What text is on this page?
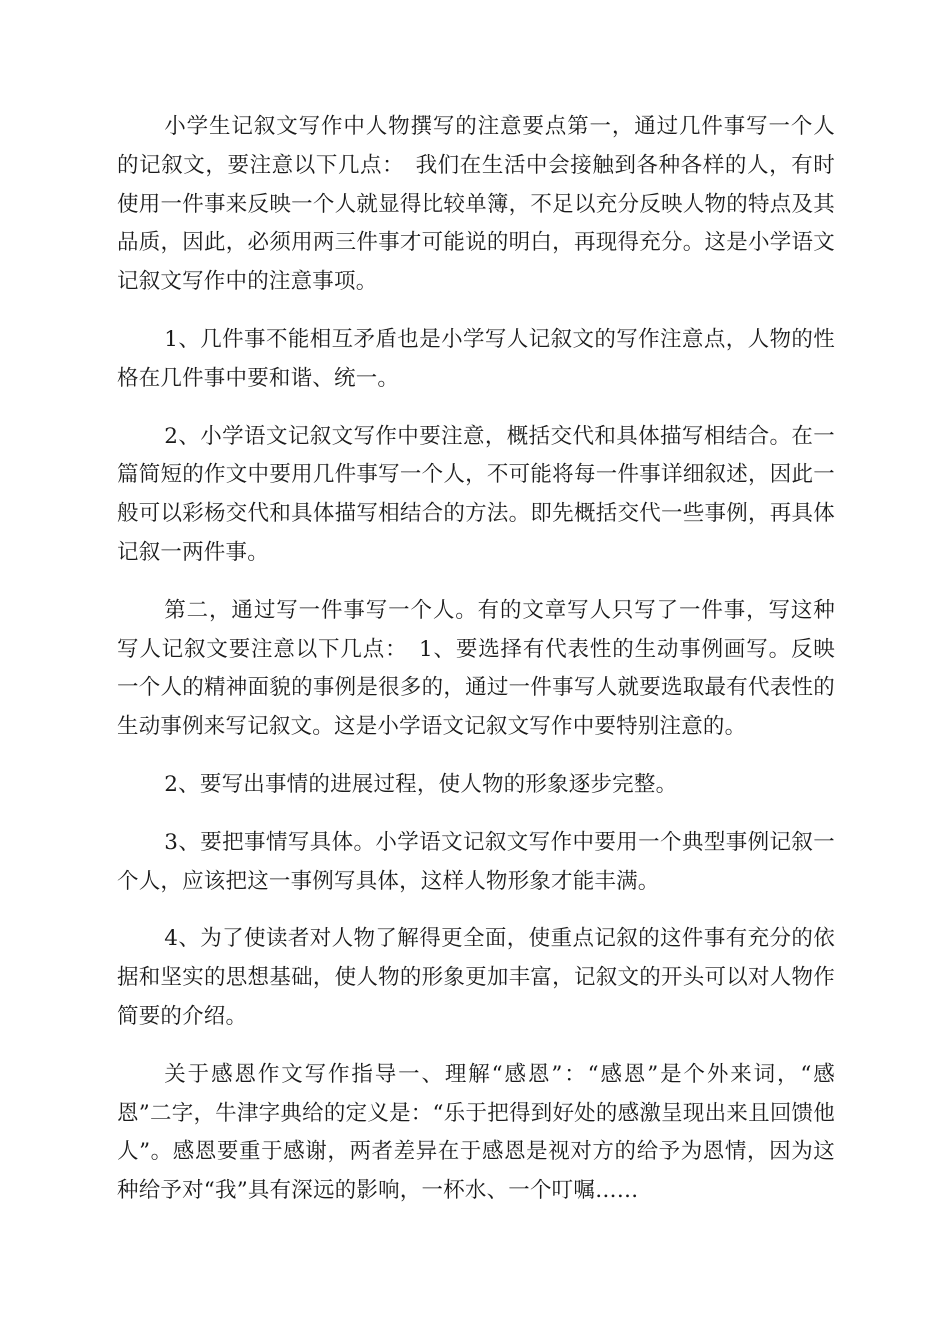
小学生记叙文写作中人物撰写的注意要点第一，通过几件事写一个人的记叙文，要注意以下几点：　我们在生活中会接触到各种各样的人，有时使用一件事来反映一个人就显得比较单簿，不足以充分反映人物的特点及其品质，因此，必须用两三件事才可能说的明白，再现得充分。这是小学语文记叙文写作中的注意事项。

1、几件事不能相互矛盾也是小学写人记叙文的写作注意点，人物的性格在几件事中要和谐、统一。

2、小学语文记叙文写作中要注意，概括交代和具体描写相结合。在一篇简短的作文中要用几件事写一个人，不可能将每一件事详细叙述，因此一般可以彩杨交代和具体描写相结合的方法。即先概括交代一些事例，再具体记叙一两件事。

第二，通过写一件事写一个人。有的文章写人只写了一件事，写这种写人记叙文要注意以下几点：　1、要选择有代表性的生动事例画写。反映一个人的精神面貌的事例是很多的，通过一件事写人就要选取最有代表性的生动事例来写记叙文。这是小学语文记叙文写作中要特别注意的。

2、要写出事情的进展过程，使人物的形象逐步完整。

3、要把事情写具体。小学语文记叙文写作中要用一个典型事例记叙一个人，应该把这一事例写具体，这样人物形象才能丰满。

4、为了使读者对人物了解得更全面，使重点记叙的这件事有充分的依据和坚实的思想基础，使人物的形象更加丰富，记叙文的开头可以对人物作简要的介绍。

关于感恩作文写作指导一、理解“感恩”：“感恩”是个外来词，“感恩”二字，牛津字典给的定义是：“乐于把得到好处的感激呈现出来且回馈他人”。感恩要重于感谢，两者差异在于感恩是视对方的给予为恩情，因为这种给予对“我”具有深远的影响，一杯水、一个叮嘱……
